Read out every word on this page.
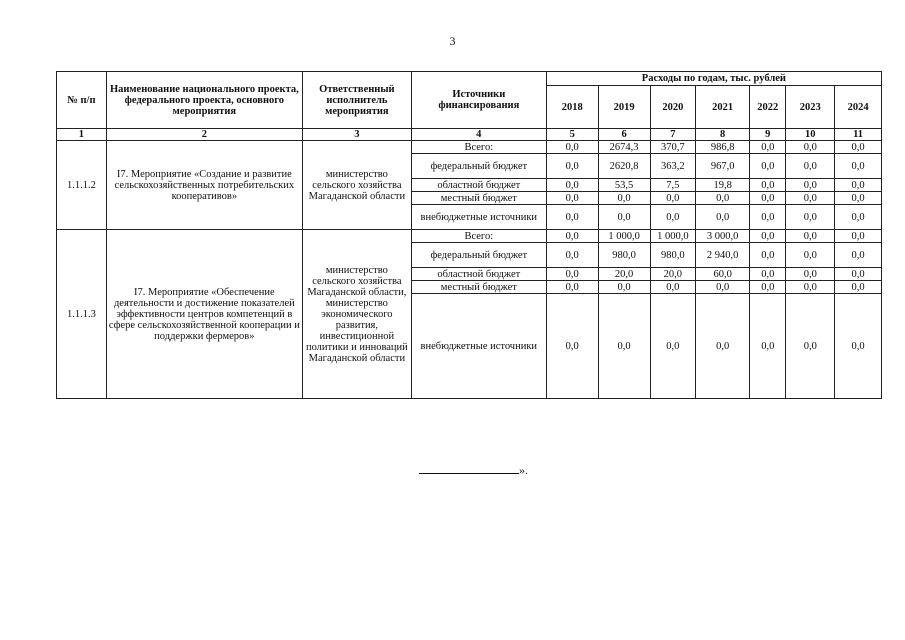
3
№ п/п	Наименование национального проекта, федерального проекта, основного мероприятия	Ответственный исполнитель мероприятия	Источники финансирования	Расходы по годам, тыс. рублей						
				2018	2019	2020	2021	2022	2023	2024
1	2	3	4	5	6	7	8	9	10	11
1.1.1.2	I7. Мероприятие «Создание и развитие сельскохозяйственных потребительских кооперативов»	министерство сельского хозяйства Магаданской области	Всего:	0,0	2674,3	370,7	986,8	0,0	0,0	0,0
			федеральный бюджет	0,0	2620,8	363,2	967,0	0,0	0,0	0,0
			областной бюджет	0,0	53,5	7,5	19,8	0,0	0,0	0,0
			местный бюджет	0,0	0,0	0,0	0,0	0,0	0,0	0,0
			внебюджетные источники	0,0	0,0	0,0	0,0	0,0	0,0	0,0
1.1.1.3	I7. Мероприятие «Обеспечение деятельности и достижение показателей эффективности центров компетенций в сфере сельскохозяйственной кооперации и поддержки фермеров»	министерство сельского хозяйства Магаданской области, министерство экономического развития, инвестиционной политики и инноваций Магаданской области	Всего:	0,0	1 000,0	1 000,0	3 000,0	0,0	0,0	0,0
			федеральный бюджет	0,0	980,0	980,0	2 940,0	0,0	0,0	0,0
			областной бюджет	0,0	20,0	20,0	60,0	0,0	0,0	0,0
			местный бюджет	0,0	0,0	0,0	0,0	0,0	0,0	0,0
			внебюджетные источники	0,0	0,0	0,0	0,0	0,0	0,0	0,0
».
